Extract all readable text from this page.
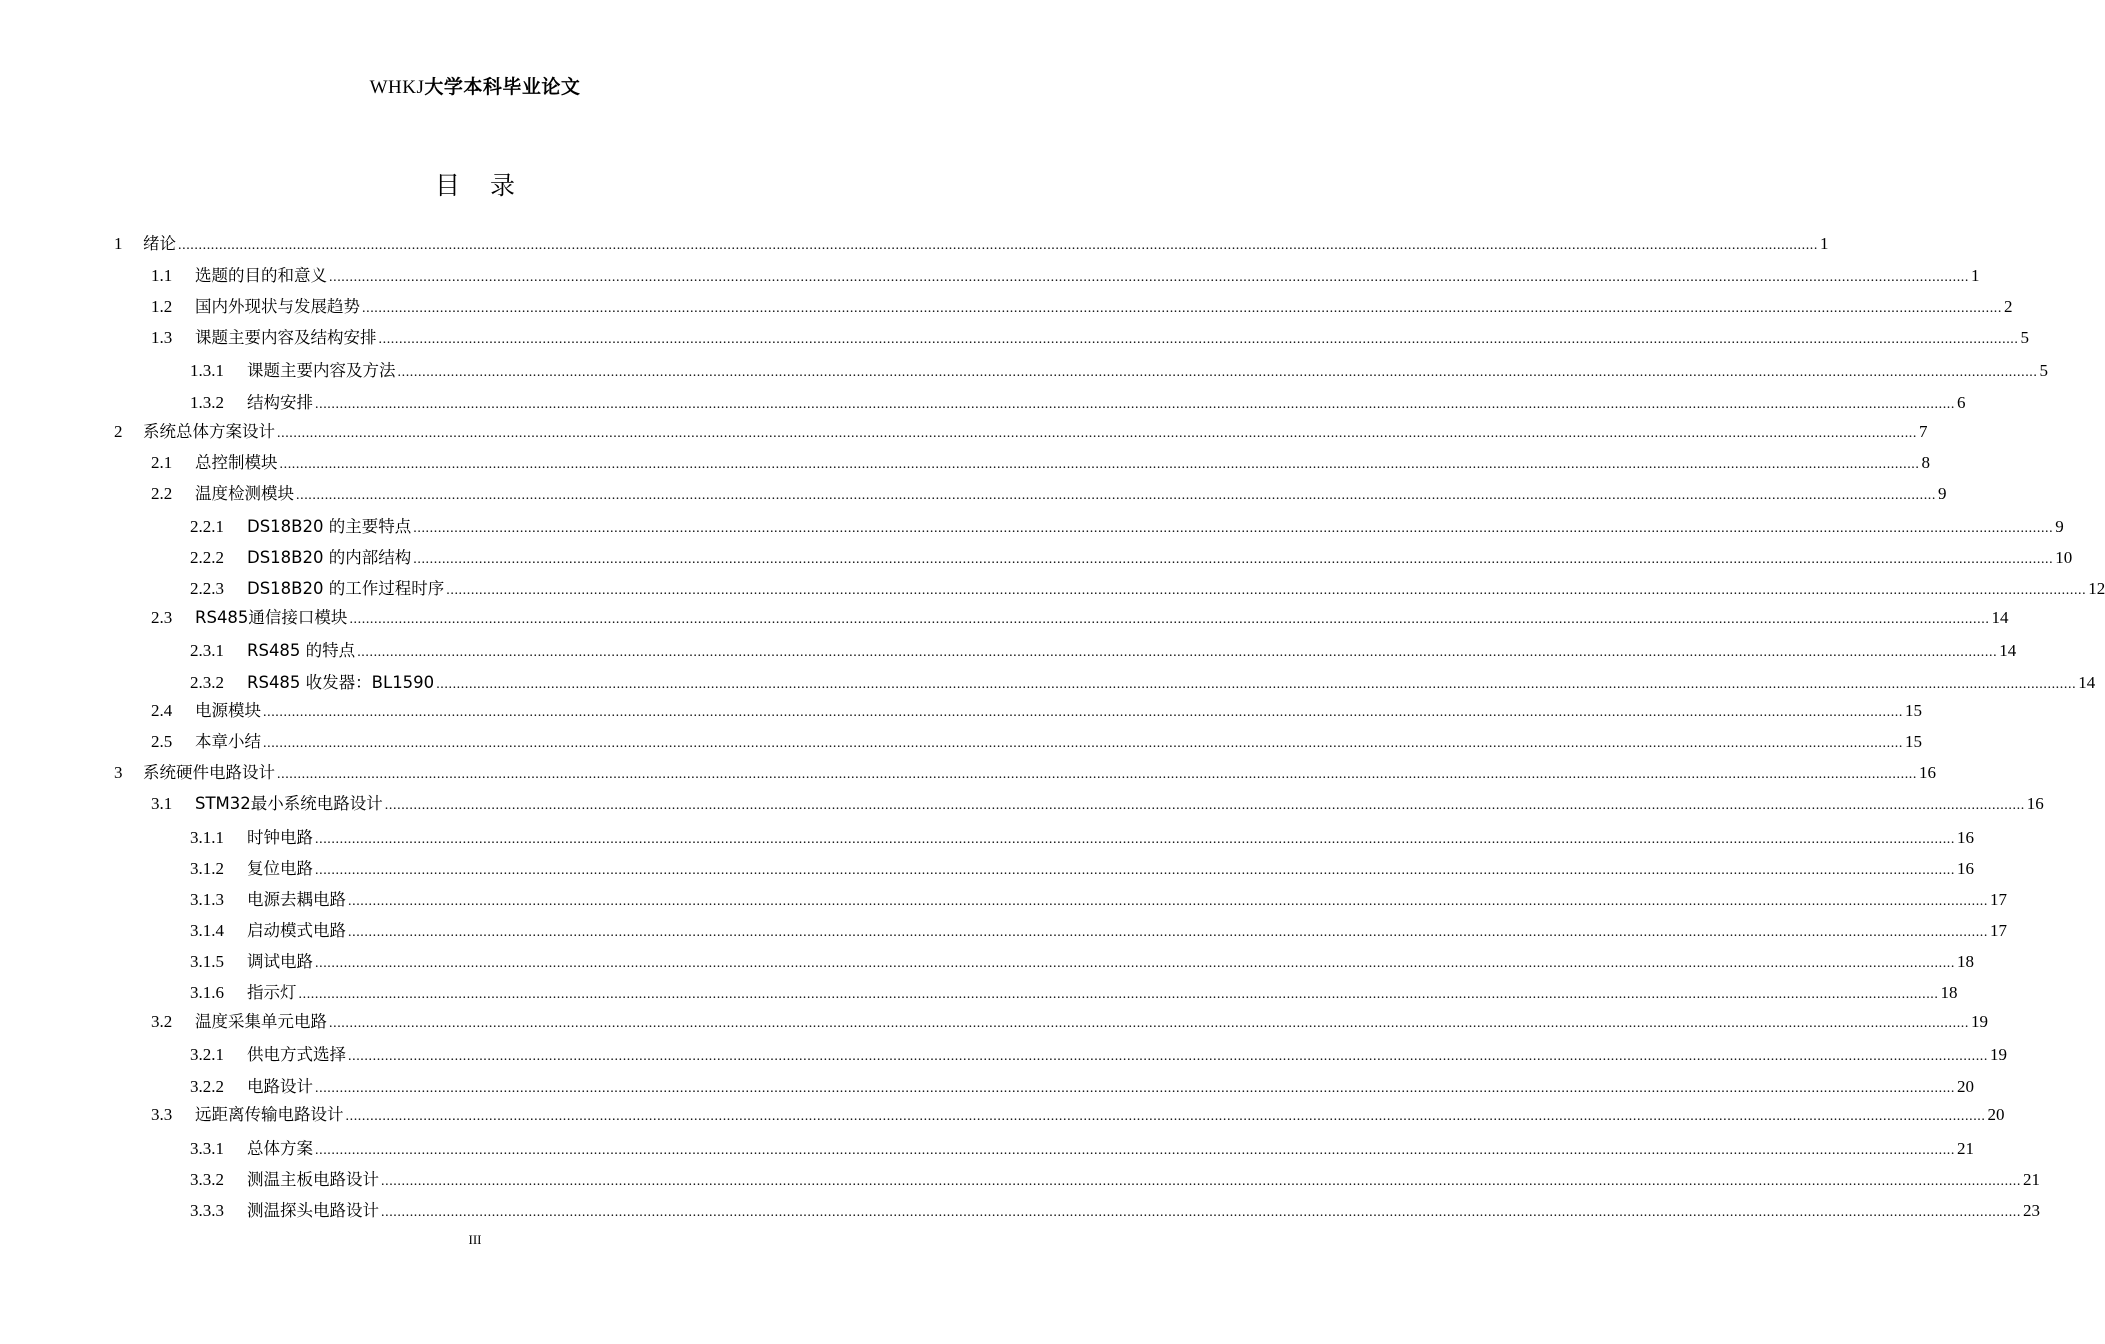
WHKJ大学本科毕业论文
目录
1	绪论 ................................................................................................................................................................................................................................................................................................................................................................................................................ 1
1.1	选题的目的和意义 ................................................................................................................................................................................................................................................................................................................................................................................................................ 1
1.2	国内外现状与发展趋势 ................................................................................................................................................................................................................................................................................................................................................................................................................ 2
1.3	课题主要内容及结构安排 ................................................................................................................................................................................................................................................................................................................................................................................................................ 5
1.3.1	课题主要内容及方法 ................................................................................................................................................................................................................................................................................................................................................................................................................ 5
1.3.2	结构安排 ................................................................................................................................................................................................................................................................................................................................................................................................................ 6
2	系统总体方案设计 ................................................................................................................................................................................................................................................................................................................................................................................................................ 7
2.1	总控制模块 ................................................................................................................................................................................................................................................................................................................................................................................................................ 8
2.2	温度检测模块 ................................................................................................................................................................................................................................................................................................................................................................................................................ 9
2.2.1	DS18B20 的主要特点 ................................................................................................................................................................................................................................................................................................................................................................................................................ 9
2.2.2	DS18B20 的内部结构 ................................................................................................................................................................................................................................................................................................................................................................................................................ 10
2.2.3	DS18B20 的工作过程时序 ................................................................................................................................................................................................................................................................................................................................................................................................................ 12
2.3	RS485通信接口模块 ................................................................................................................................................................................................................................................................................................................................................................................................................ 14
2.3.1	RS485 的特点 ................................................................................................................................................................................................................................................................................................................................................................................................................ 14
2.3.2	RS485 收发器：BL1590 ................................................................................................................................................................................................................................................................................................................................................................................................................ 14
2.4	电源模块 ................................................................................................................................................................................................................................................................................................................................................................................................................ 15
2.5	本章小结 ................................................................................................................................................................................................................................................................................................................................................................................................................ 15
3	系统硬件电路设计 ................................................................................................................................................................................................................................................................................................................................................................................................................ 16
3.1	STM32最小系统电路设计 ................................................................................................................................................................................................................................................................................................................................................................................................................ 16
3.1.1	时钟电路 ................................................................................................................................................................................................................................................................................................................................................................................................................ 16
3.1.2	复位电路 ................................................................................................................................................................................................................................................................................................................................................................................................................ 16
3.1.3	电源去耦电路 ................................................................................................................................................................................................................................................................................................................................................................................................................ 17
3.1.4	启动模式电路 ................................................................................................................................................................................................................................................................................................................................................................................................................ 17
3.1.5	调试电路 ................................................................................................................................................................................................................................................................................................................................................................................................................ 18
3.1.6	指示灯 ................................................................................................................................................................................................................................................................................................................................................................................................................ 18
3.2	温度采集单元电路 ................................................................................................................................................................................................................................................................................................................................................................................................................ 19
3.2.1	供电方式选择 ................................................................................................................................................................................................................................................................................................................................................................................................................ 19
3.2.2	电路设计 ................................................................................................................................................................................................................................................................................................................................................................................................................ 20
3.3	远距离传输电路设计 ................................................................................................................................................................................................................................................................................................................................................................................................................ 20
3.3.1	总体方案 ................................................................................................................................................................................................................................................................................................................................................................................................................ 21
3.3.2	测温主板电路设计 ................................................................................................................................................................................................................................................................................................................................................................................................................ 21
3.3.3	测温探头电路设计 ................................................................................................................................................................................................................................................................................................................................................................................................................ 23
III
